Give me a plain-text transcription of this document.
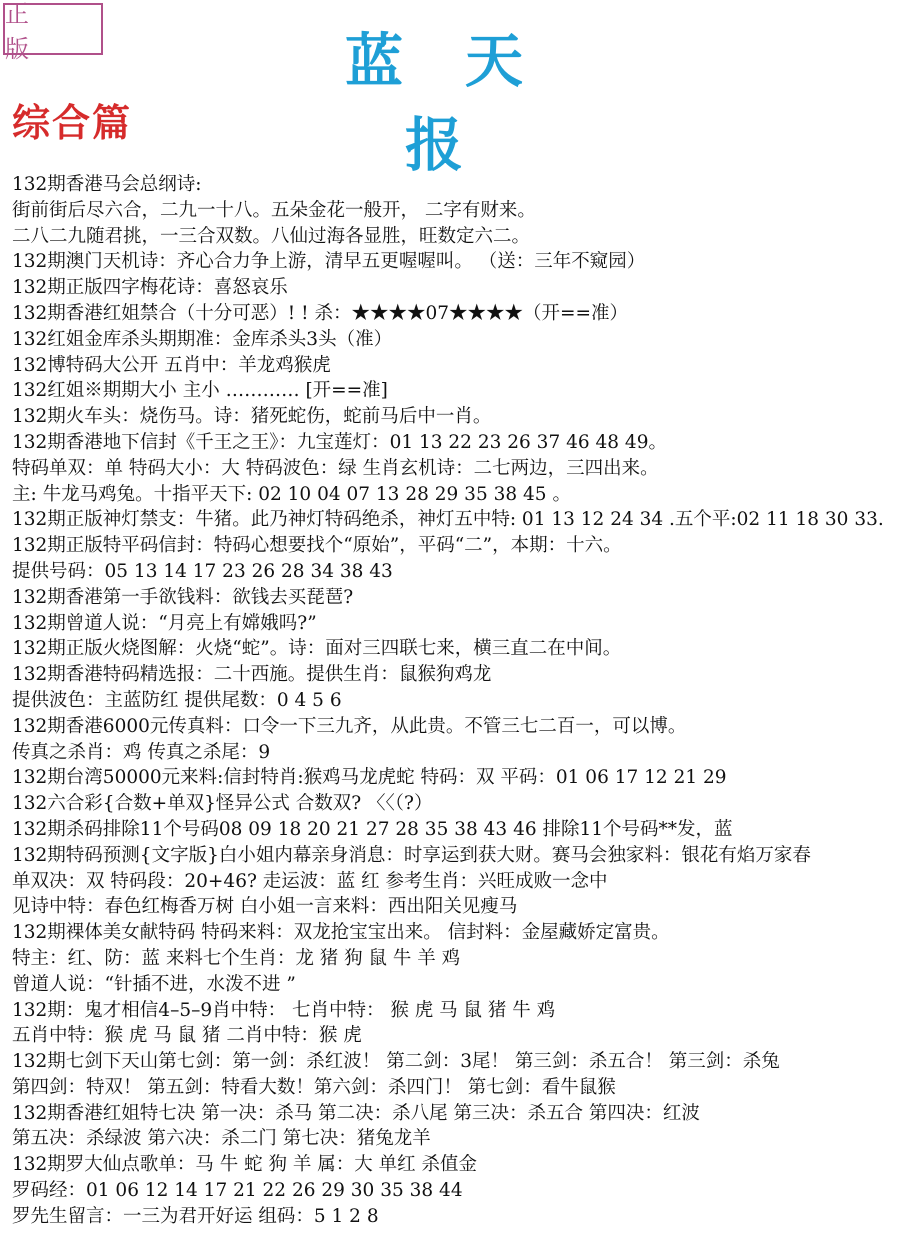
正 版	蓝天报
综合篇
132期香港马会总纲诗:
街前街后尽六合，二九一十八。五朵金花一般开， 二字有财来。
二八二九随君挑，一三合双数。八仙过海各显胜，旺数定六二。
132期澳门天机诗：齐心合力争上游，清早五更喔喔叫。 （送：三年不窥园）
132期正版四字梅花诗：喜怒哀乐
132期香港红姐禁合（十分可恶）! ! 杀：★★★★07★★★★（开==准）
132红姐金库杀头期期准：金库杀头3头（准）
132博特码大公开 五肖中：羊龙鸡猴虎
132红姐※期期大小 主小 ………… [开==准]
132期火车头：烧伤马。诗：猪死蛇伤，蛇前马后中一肖。
132期香港地下信封《千王之王》：九宝莲灯：01 13 22 23 26 37 46 48 49。
特码单双：单 特码大小：大 特码波色：绿 生肖玄机诗：二七两边，三四出来。
主: 牛龙马鸡兔。十指平天下: 02 10 04 07 13 28 29 35 38 45 。
132期正版神灯禁支：牛猪。此乃神灯特码绝杀，神灯五中特: 01 13 12 24 34 .五个平:02 11 18 30 33.
132期正版特平码信封：特码心想要找个“原始”，平码“二”，本期：十六。
提供号码：05 13 14 17 23 26 28 34 38 43
132期香港第一手欲钱料：欲钱去买琵琶?
132期曾道人说：“月亮上有嫦娥吗?”
132期正版火烧图解：火烧“蛇”。诗：面对三四联七来，横三直二在中间。
132期香港特码精选报：二十西施。提供生肖：鼠猴狗鸡龙
提供波色：主蓝防红 提供尾数：0 4 5 6
132期香港6000元传真料：口令一下三九齐，从此贵。不管三七二百一，可以博。
传真之杀肖：鸡 传真之杀尾：9
132期台湾50000元来料:信封特肖:猴鸡马龙虎蛇 特码：双 平码：01 06 17 12 21 29
132六合彩{合数+单双}怪异公式 合数双? 〈〈（?）
132期杀码排除11个号码08 09 18 20 21 27 28 35 38 43 46 排除11个号码**发，蓝
132期特码预测{文字版}白小姐内幕亲身消息：时享运到获大财。赛马会独家料：银花有焰万家春
单双决：双 特码段：20+46? 走运波：蓝 红 参考生肖：兴旺成败一念中
见诗中特：春色红梅香万树 白小姐一言来料：西出阳关见瘦马
132期裸体美女献特码 特码来料：双龙抢宝宝出来。 信封料：金屋藏娇定富贵。
特主：红、防：蓝 来料七个生肖：龙 猪 狗 鼠 牛 羊 鸡
曾道人说：“针插不进，水泼不进 ”
132期：鬼才相信4–5–9肖中特： 七肖中特： 猴 虎 马 鼠 猪 牛 鸡
五肖中特：猴 虎 马 鼠 猪 二肖中特：猴 虎
132期七剑下天山第七剑：第一剑：杀红波！ 第二剑：3尾！ 第三剑：杀五合！ 第三剑：杀兔
第四剑：特双！ 第五剑：特看大数！第六剑：杀四门！ 第七剑：看牛鼠猴
132期香港红姐特七决 第一决：杀马 第二决：杀八尾 第三决：杀五合 第四决：红波
第五决：杀绿波 第六决：杀二门 第七决：猪兔龙羊
132期罗大仙点歌单：马 牛 蛇 狗 羊 属：大 单红 杀值金
罗码经：01 06 12 14 17 21 22 26 29 30 35 38 44
罗先生留言：一三为君开好运 组码：5 1 2 8
